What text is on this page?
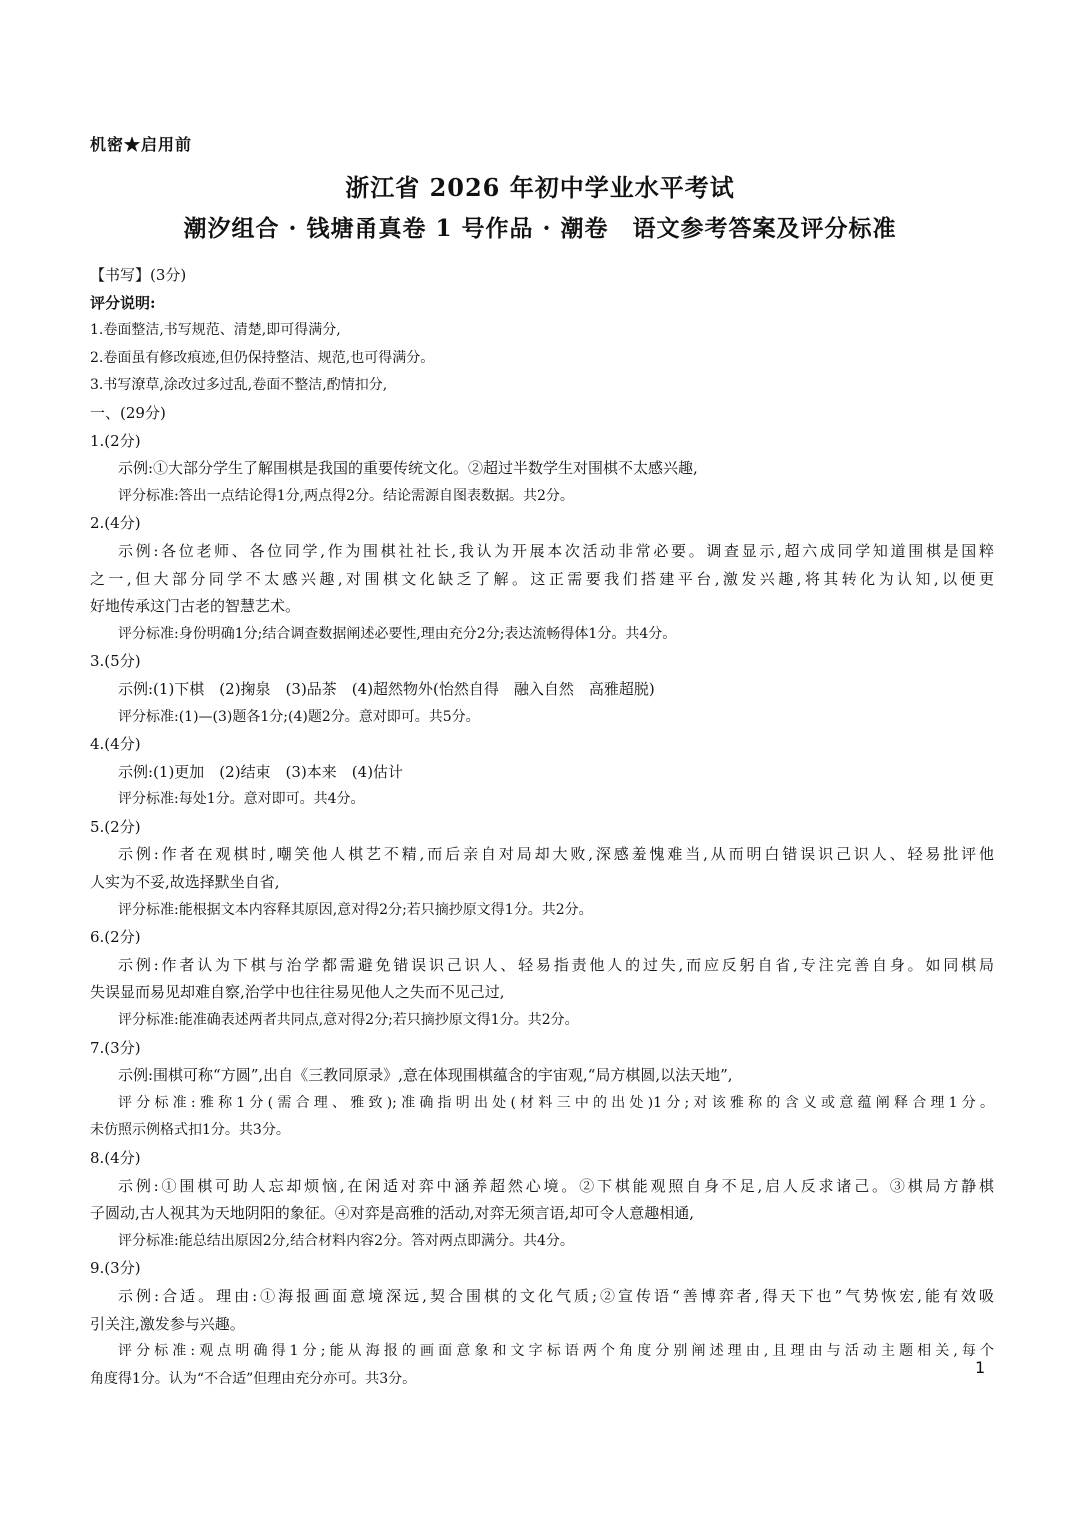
机密★启用前
浙江省 2026 年初中学业水平考试
潮汐组合 · 钱塘甬真卷 1 号作品 · 潮卷　语文参考答案及评分标准
【书写】(3分)
评分说明:
1.卷面整洁,书写规范、清楚,即可得满分,
2.卷面虽有修改痕迹,但仍保持整洁、规范,也可得满分。
3.书写潦草,涂改过多过乱,卷面不整洁,酌情扣分,
一、(29分)
1.(2分)
示例:①大部分学生了解围棋是我国的重要传统文化。②超过半数学生对围棋不太感兴趣,
评分标准:答出一点结论得1分,两点得2分。结论需源自图表数据。共2分。
2.(4分)
示例:各位老师、各位同学,作为围棋社社长,我认为开展本次活动非常必要。调查显示,超六成同学知道围棋是国粹
之一,但大部分同学不太感兴趣,对围棋文化缺乏了解。这正需要我们搭建平台,激发兴趣,将其转化为认知,以便更
好地传承这门古老的智慧艺术。
评分标准:身份明确1分;结合调查数据阐述必要性,理由充分2分;表达流畅得体1分。共4分。
3.(5分)
示例:(1)下棋　(2)掬泉　(3)品茶　(4)超然物外(怡然自得　融入自然　高雅超脱)
评分标准:(1)—(3)题各1分;(4)题2分。意对即可。共5分。
4.(4分)
示例:(1)更加　(2)结束　(3)本来　(4)估计
评分标准:每处1分。意对即可。共4分。
5.(2分)
示例:作者在观棋时,嘲笑他人棋艺不精,而后亲自对局却大败,深感羞愧难当,从而明白错误识己识人、轻易批评他
人实为不妥,故选择默坐自省,
评分标准:能根据文本内容释其原因,意对得2分;若只摘抄原文得1分。共2分。
6.(2分)
示例:作者认为下棋与治学都需避免错误识己识人、轻易指责他人的过失,而应反躬自省,专注完善自身。如同棋局
失误显而易见却难自察,治学中也往往易见他人之失而不见己过,
评分标准:能准确表述两者共同点,意对得2分;若只摘抄原文得1分。共2分。
7.(3分)
示例:围棋可称“方圆”,出自《三教同原录》,意在体现围棋蕴含的宇宙观,“局方棋圆,以法天地”,
评分标准:雅称1分(需合理、雅致);准确指明出处(材料三中的出处)1分;对该雅称的含义或意蕴阐释合理1分。
未仿照示例格式扣1分。共3分。
8.(4分)
示例:①围棋可助人忘却烦恼,在闲适对弈中涵养超然心境。②下棋能观照自身不足,启人反求诸己。③棋局方静棋
子圆动,古人视其为天地阴阳的象征。④对弈是高雅的活动,对弈无须言语,却可令人意趣相通,
评分标准:能总结出原因2分,结合材料内容2分。答对两点即满分。共4分。
9.(3分)
示例:合适。理由:①海报画面意境深远,契合围棋的文化气质;②宣传语“善博弈者,得天下也”气势恢宏,能有效吸
引关注,激发参与兴趣。
评分标准:观点明确得1分;能从海报的画面意象和文字标语两个角度分别阐述理由,且理由与活动主题相关,每个
角度得1分。认为“不合适”但理由充分亦可。共3分。
1
